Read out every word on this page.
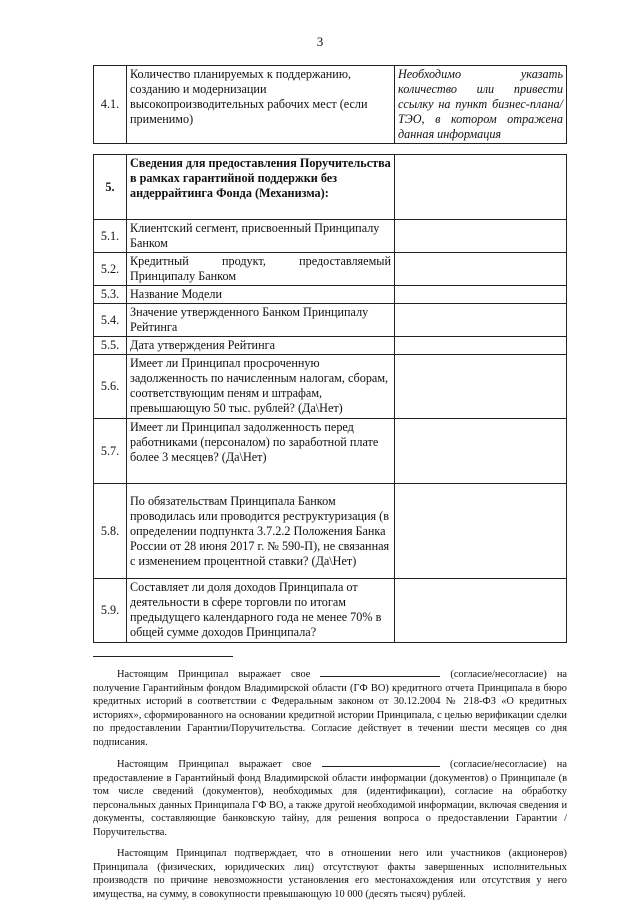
3
4.1.	Количество планируемых к поддержанию, созданию и модернизации высокопроизводительных рабочих мест (если применимо)	Необходимо указать количество или привести ссылку на пункт бизнес-плана/ТЭО, в котором отражена данная информация
5.	Сведения для предоставления Поручительства в рамках гарантийной поддержки без андеррайтинга Фонда (Механизма):	
5.1.	Клиентский сегмент, присвоенный Принципалу Банком	
5.2.	Кредитный продукт, предоставляемый Принципалу Банком	
5.3.	Название Модели	
5.4.	Значение утвержденного Банком Принципалу Рейтинга	
5.5.	Дата утверждения Рейтинга	
5.6.	Имеет ли Принципал просроченную задолженность по начисленным налогам, сборам, соответствующим пеням и штрафам, превышающую 50 тыс. рублей? (Да\Нет)	
5.7.	Имеет ли Принципал задолженность перед работниками (персоналом) по заработной плате более 3 месяцев? (Да\Нет)	
5.8.	По обязательствам Принципала Банком проводилась или проводится реструктуризация (в определении подпункта 3.7.2.2 Положения Банка России от 28 июня 2017 г. № 590-П), не связанная с изменением процентной ставки? (Да\Нет)	
5.9.	Составляет ли доля доходов Принципала от деятельности в сфере торговли по итогам предыдущего календарного года не менее 70% в общей сумме доходов Принципала?	

Настоящим Принципал выражает свое	(согласие/несогласие) на получение Гарантийным фондом Владимирской области (ГФ ВО) кредитного отчета Принципала в бюро кредитных историй в соответствии с Федеральным законом от 30.12.2004 № 218-ФЗ «О кредитных историях», сформированного на основании кредитной истории Принципала, с целью верификации сделки по предоставлении Гарантии/Поручительства. Согласие действует в течении шести месяцев со дня подписания.

Настоящим Принципал выражает свое	(согласие/несогласие) на предоставление в Гарантийный фонд Владимирской области информации (документов) о Принципале (в том числе сведений (документов), необходимых для (идентификации), согласие на обработку персональных данных Принципала ГФ ВО, а также другой необходимой информации, включая сведения и документы, составляющие банковскую тайну, для решения вопроса о предоставлении Гарантии /Поручительства.

Настоящим Принципал подтверждает, что в отношении него или участников (акционеров) Принципала (физических, юридических лиц) отсутствуют факты завершенных исполнительных производств по причине невозможности установления его местонахождения или отсутствия у него имущества, на сумму, в совокупности превышающую 10 000 (десять тысяч) рублей.
